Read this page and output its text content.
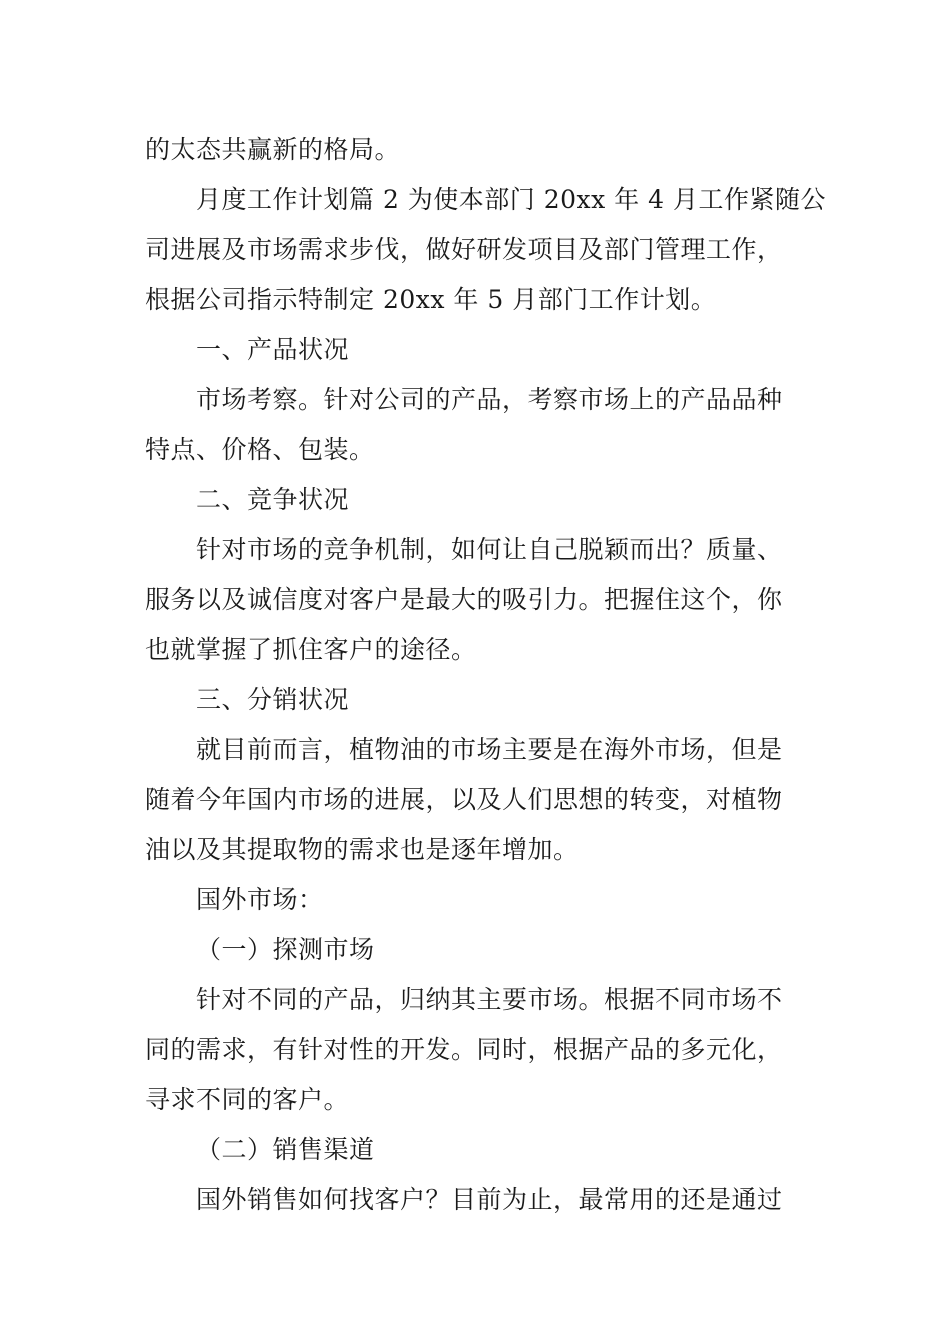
的太态共赢新的格局。
月度工作计划篇 2 为使本部门 20xx 年 4 月工作紧随公
司进展及市场需求步伐，做好研发项目及部门管理工作，
根据公司指示特制定 20xx 年 5 月部门工作计划。
一、产品状况
市场考察。针对公司的产品，考察市场上的产品品种
特点、价格、包装。
二、竞争状况
针对市场的竞争机制，如何让自己脱颖而出？质量、
服务以及诚信度对客户是最大的吸引力。把握住这个，你
也就掌握了抓住客户的途径。
三、分销状况
就目前而言，植物油的市场主要是在海外市场，但是
随着今年国内市场的进展，以及人们思想的转变，对植物
油以及其提取物的需求也是逐年增加。
国外市场：
（一）探测市场
针对不同的产品，归纳其主要市场。根据不同市场不
同的需求，有针对性的开发。同时，根据产品的多元化，
寻求不同的客户。
（二）销售渠道
国外销售如何找客户？目前为止，最常用的还是通过
